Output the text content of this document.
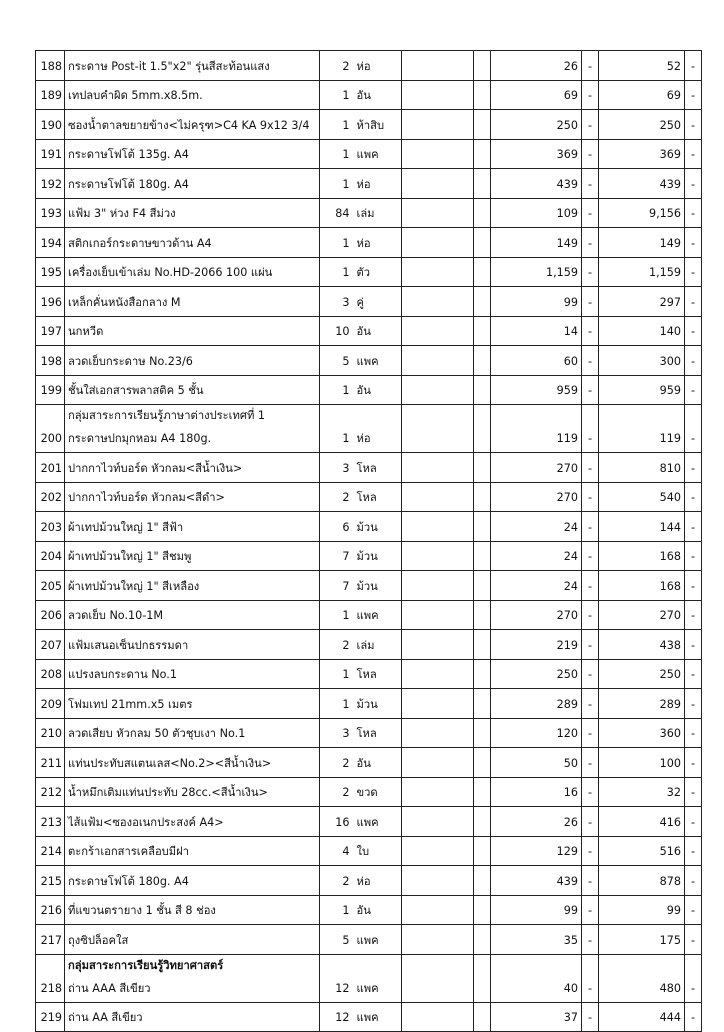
188	กระดาษ Post-it 1.5"x2" รุ่นสีสะท้อนแสง	2	ห่อ			26	-	52	-
189	เทปลบคำผิด 5mm.x8.5m.	1	อัน			69	-	69	-
190	ซองน้ำตาลขยายข้าง<ไม่ครุฑ>C4 KA 9x12 3/4	1	ห้าสิบ			250	-	250	-
191	กระดาษโฟโต้ 135g. A4	1	แพค			369	-	369	-
192	กระดาษโฟโต้ 180g. A4	1	ห่อ			439	-	439	-
193	แฟ้ม 3" ห่วง F4 สีม่วง	84	เล่ม			109	-	9,156	-
194	สติกเกอร์กระดาษขาวด้าน A4	1	ห่อ			149	-	149	-
195	เครื่องเย็บเข้าเล่ม No.HD-2066 100 แผ่น	1	ตัว			1,159	-	1,159	-
196	เหล็กคั่นหนังสือกลาง M	3	คู่			99	-	297	-
197	นกหวีด	10	อัน			14	-	140	-
198	ลวดเย็บกระดาษ No.23/6	5	แพค			60	-	300	-
199	ชั้นใส่เอกสารพลาสติค 5 ชั้น	1	อัน			959	-	959	-
200	กลุ่มสาระการเรียนรู้ภาษาต่างประเทศที่ 1
กระดาษปกมุกหอม A4 180g.	1	ห่อ			119	-	119	-
201	ปากกาไวท์บอร์ด หัวกลม<สีน้ำเงิน>	3	โหล			270	-	810	-
202	ปากกาไวท์บอร์ด หัวกลม<สีดำ>	2	โหล			270	-	540	-
203	ผ้าเทปม้วนใหญ่ 1" สีฟ้า	6	ม้วน			24	-	144	-
204	ผ้าเทปม้วนใหญ่ 1" สีชมพู	7	ม้วน			24	-	168	-
205	ผ้าเทปม้วนใหญ่ 1" สีเหลือง	7	ม้วน			24	-	168	-
206	ลวดเย็บ No.10-1M	1	แพค			270	-	270	-
207	แฟ้มเสนอเซ็นปกธรรมดา	2	เล่ม			219	-	438	-
208	แปรงลบกระดาน No.1	1	โหล			250	-	250	-
209	โฟมเทป 21mm.x5 เมตร	1	ม้วน			289	-	289	-
210	ลวดเสียบ หัวกลม 50 ตัวชุบเงา No.1	3	โหล			120	-	360	-
211	แท่นประทับสแตนเลส<No.2><สีน้ำเงิน>	2	อัน			50	-	100	-
212	น้ำหมึกเติมแท่นประทับ 28cc.<สีน้ำเงิน>	2	ขวด			16	-	32	-
213	ไส้แฟ้ม<ซองอเนกประสงค์ A4>	16	แพค			26	-	416	-
214	ตะกร้าเอกสารเคลือบมีฝา	4	ใบ			129	-	516	-
215	กระดาษโฟโต้ 180g. A4	2	ห่อ			439	-	878	-
216	ที่แขวนตรายาง 1 ชั้น สี 8 ช่อง	1	อัน			99	-	99	-
217	ถุงซิปล็อคใส	5	แพค			35	-	175	-
218	กลุ่มสาระการเรียนรู้วิทยาศาสตร์
ถ่าน AAA สีเขียว	12	แพค			40	-	480	-
219	ถ่าน AA สีเขียว	12	แพค			37	-	444	-
